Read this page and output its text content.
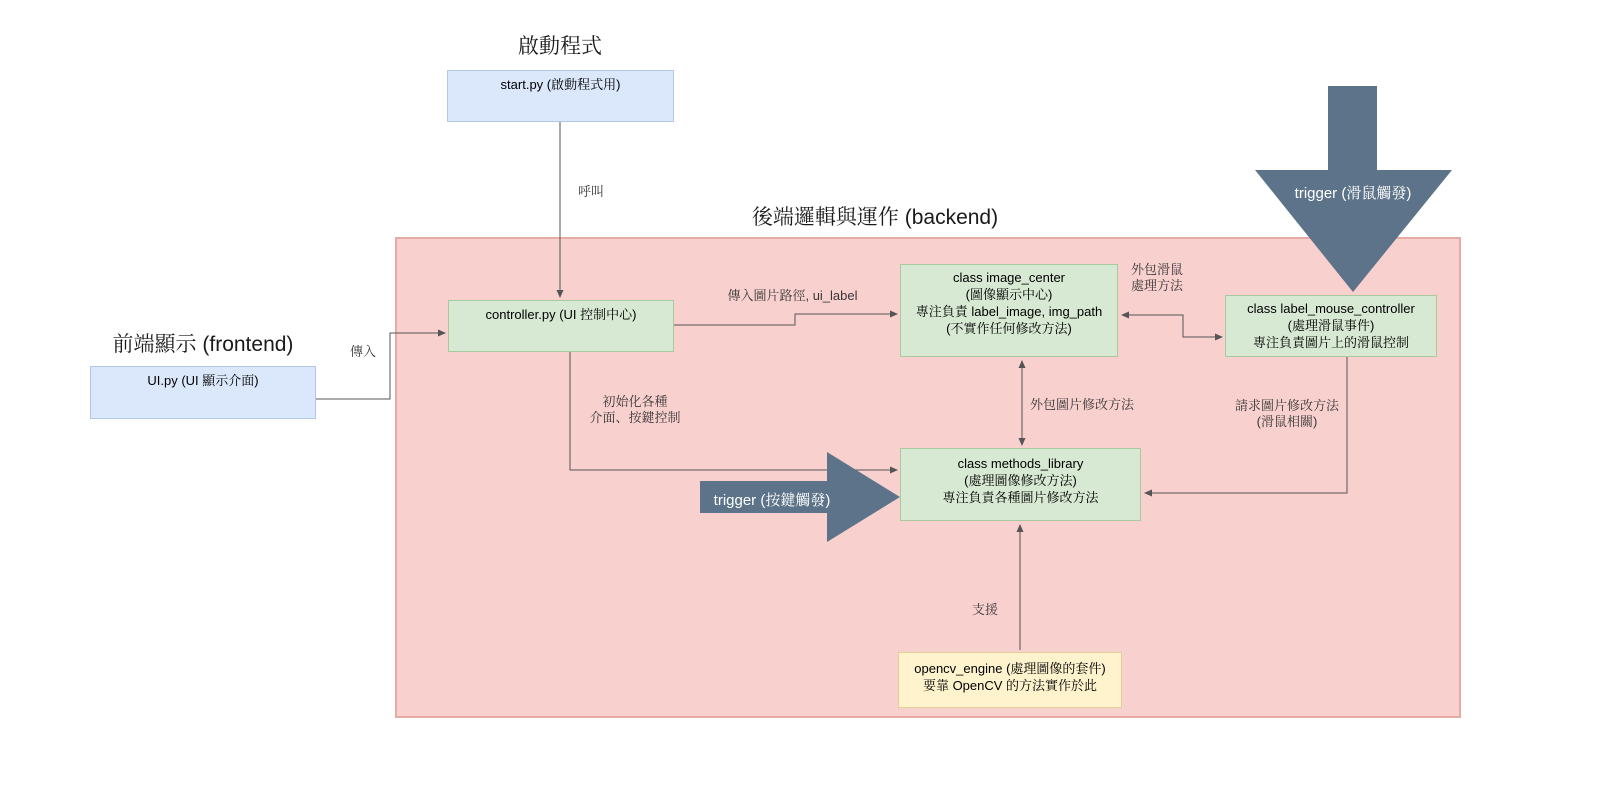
啟動程式
前端顯示 (frontend)
後端邏輯與運作 (backend)
start.py (啟動程式用)
UI.py (UI 顯示介面)
controller.py (UI 控制中心)
class image_center
(圖像顯示中心)
專注負責 label_image, img_path
(不實作任何修改方法)
class label_mouse_controller
(處理滑鼠事件)
專注負責圖片上的滑鼠控制
class methods_library
(處理圖像修改方法)
專注負責各種圖片修改方法
opencv_engine (處理圖像的套件)
要靠 OpenCV 的方法實作於此
呼叫
傳入
傳入圖片路徑, ui_label
初始化各種
介面、按鍵控制
外包滑鼠
處理方法
外包圖片修改方法	請求圖片修改方法
(滑鼠相關)
支援
trigger (滑鼠觸發)
trigger (按鍵觸發)
